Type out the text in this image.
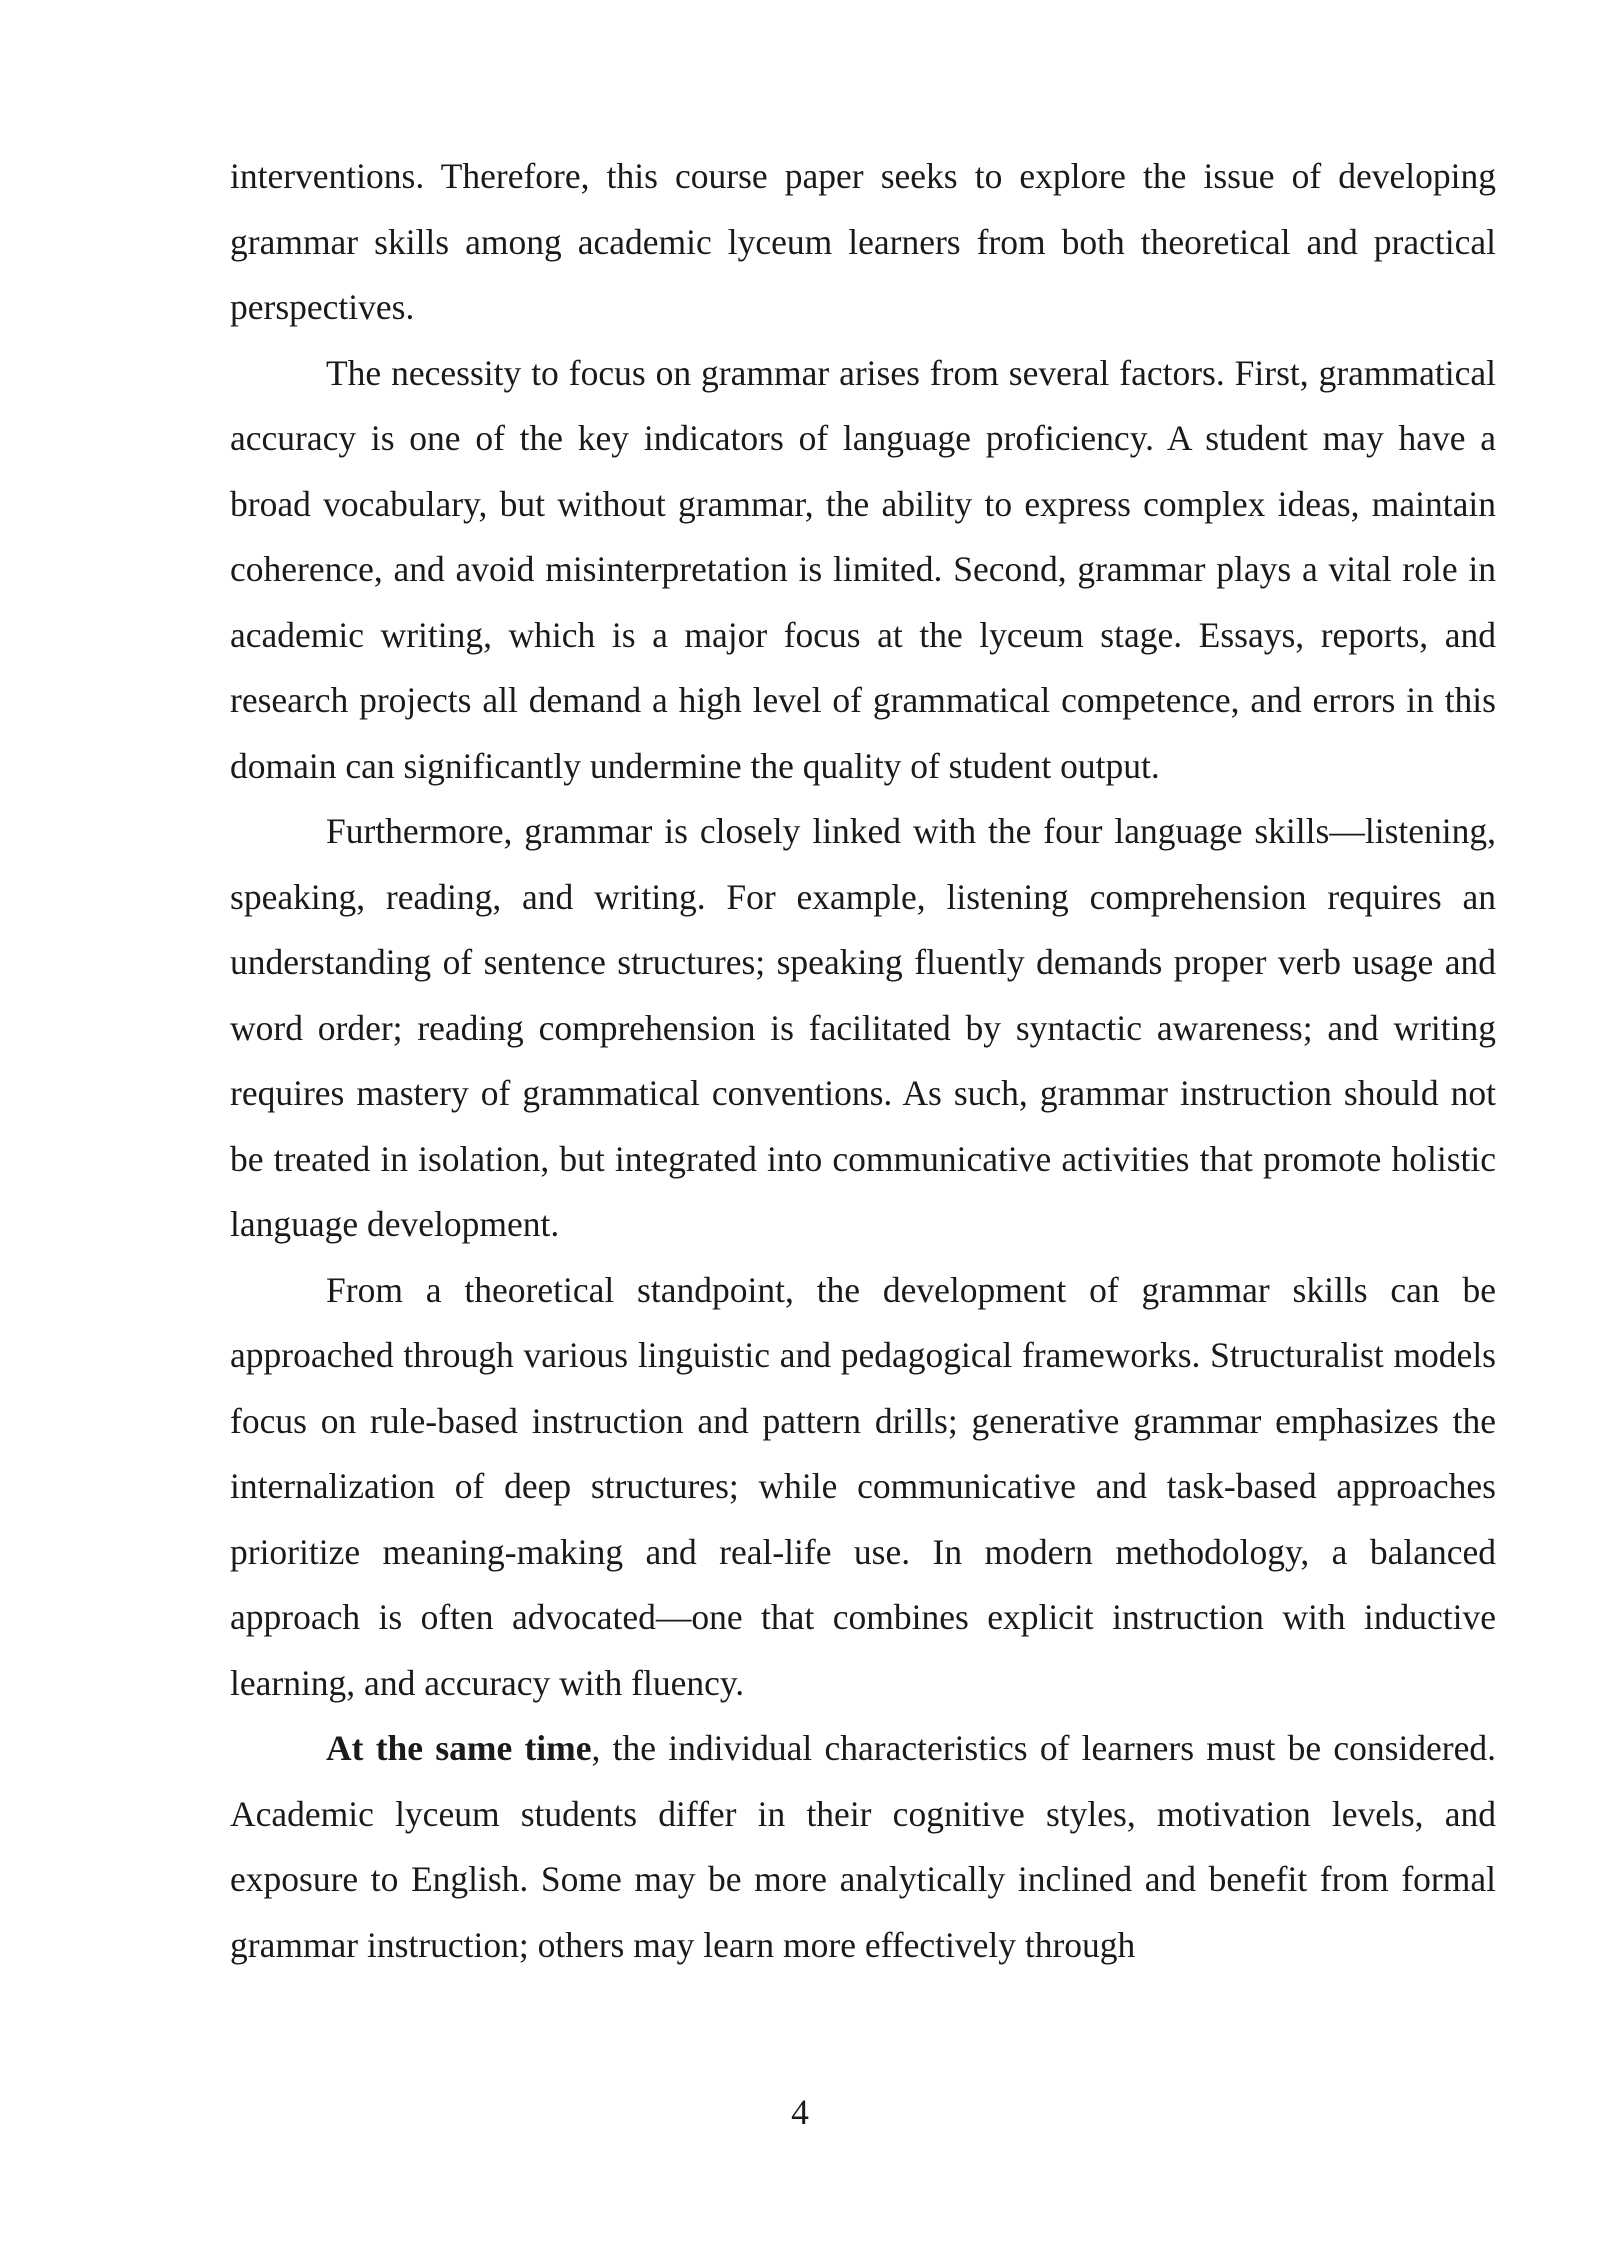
interventions. Therefore, this course paper seeks to explore the issue of developing grammar skills among academic lyceum learners from both theoretical and practical perspectives.

The necessity to focus on grammar arises from several factors. First, grammatical accuracy is one of the key indicators of language proficiency. A student may have a broad vocabulary, but without grammar, the ability to express complex ideas, maintain coherence, and avoid misinterpretation is limited. Second, grammar plays a vital role in academic writing, which is a major focus at the lyceum stage. Essays, reports, and research projects all demand a high level of grammatical competence, and errors in this domain can significantly undermine the quality of student output.

Furthermore, grammar is closely linked with the four language skills—listening, speaking, reading, and writing. For example, listening comprehension requires an understanding of sentence structures; speaking fluently demands proper verb usage and word order; reading comprehension is facilitated by syntactic awareness; and writing requires mastery of grammatical conventions. As such, grammar instruction should not be treated in isolation, but integrated into communicative activities that promote holistic language development.

From a theoretical standpoint, the development of grammar skills can be approached through various linguistic and pedagogical frameworks. Structuralist models focus on rule-based instruction and pattern drills; generative grammar emphasizes the internalization of deep structures; while communicative and task-based approaches prioritize meaning-making and real-life use. In modern methodology, a balanced approach is often advocated—one that combines explicit instruction with inductive learning, and accuracy with fluency.

At the same time, the individual characteristics of learners must be considered. Academic lyceum students differ in their cognitive styles, motivation levels, and exposure to English. Some may be more analytically inclined and benefit from formal grammar instruction; others may learn more effectively through

4
